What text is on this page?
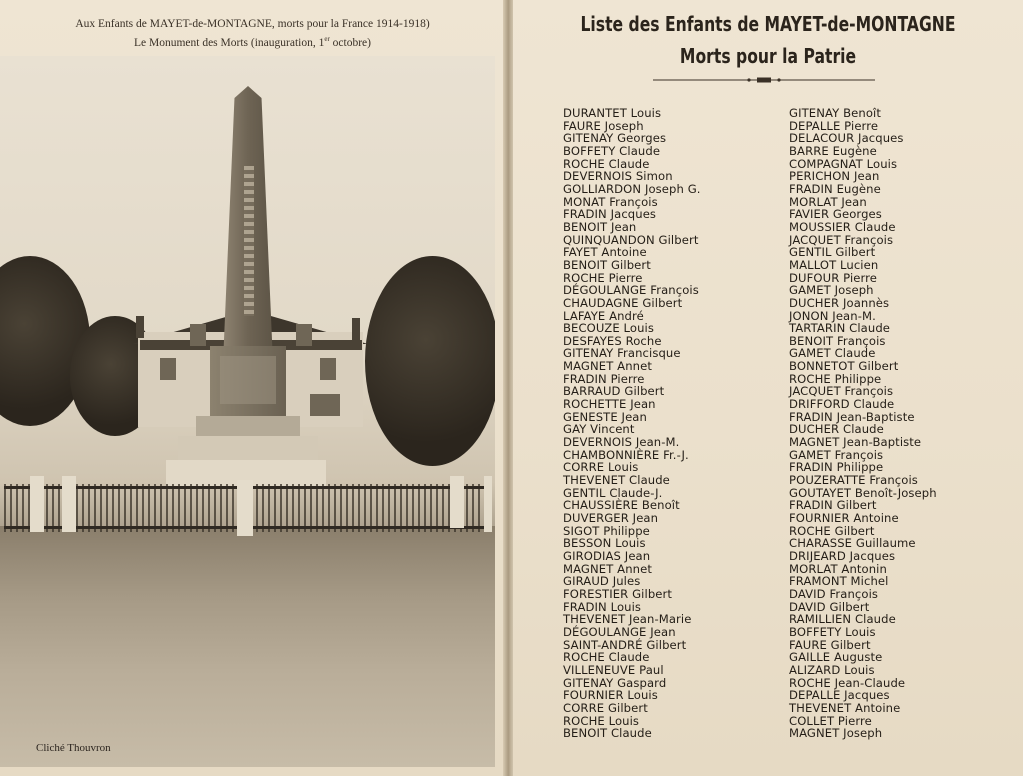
Aux Enfants de MAYET-de-MONTAGNE, morts pour la France 1914-1918)
Le Monument des Morts (inauguration, 1er octobre)
Cliché Thouvron
Liste des Enfants de MAYET-de-MONTAGNE
Morts pour la Patrie
DURANTET Louis
FAURE Joseph
GITENAY Georges
BOFFETY Claude
ROCHE Claude
DEVERNOIS Simon
GOLLIARDON Joseph G.
MONAT François
FRADIN Jacques
BENOIT Jean
QUINQUANDON Gilbert
FAYET Antoine
BENOIT Gilbert
ROCHE Pierre
DÉGOULANGE François
CHAUDAGNE Gilbert
LAFAYE André
BECOUZE Louis
DESFAYES Roche
GITENAY Francisque
MAGNET Annet
FRADIN Pierre
BARRAUD Gilbert
ROCHETTE Jean
GENESTE Jean
GAY Vincent
DEVERNOIS Jean-M.
CHAMBONNIÈRE Fr.-J.
CORRE Louis
THEVENET Claude
GENTIL Claude-J.
CHAUSSIÈRE Benoît
DUVERGER Jean
SIGOT Philippe
BESSON Louis
GIRODIAS Jean
MAGNET Annet
GIRAUD Jules
FORESTIER Gilbert
FRADIN Louis
THEVENET Jean-Marie
DÉGOULANGE Jean
SAINT-ANDRÉ Gilbert
ROCHE Claude
VILLENEUVE Paul
GITENAY Gaspard
FOURNIER Louis
CORRE Gilbert
ROCHE Louis
BENOIT Claude
GITENAY Benoît
DEPALLE Pierre
DELACOUR Jacques
BARRE Eugène
COMPAGNAT Louis
PERICHON Jean
FRADIN Eugène
MORLAT Jean
FAVIER Georges
MOUSSIER Claude
JACQUET François
GENTIL Gilbert
MALLOT Lucien
DUFOUR Pierre
GAMET Joseph
DUCHER Joannès
JONON Jean-M.
TARTARIN Claude
BENOIT François
GAMET Claude
BONNETOT Gilbert
ROCHE Philippe
JACQUET François
DRIFFORD Claude
FRADIN Jean-Baptiste
DUCHER Claude
MAGNET Jean-Baptiste
GAMET François
FRADIN Philippe
POUZERATTE François
GOUTAYET Benoît-Joseph
FRADIN Gilbert
FOURNIER Antoine
ROCHE Gilbert
CHARASSE Guillaume
DRIJEARD Jacques
MORLAT Antonin
FRAMONT Michel
DAVID François
DAVID Gilbert
RAMILLIEN Claude
BOFFETY Louis
FAURE Gilbert
GAILLE Auguste
ALIZARD Louis
ROCHE Jean-Claude
DEPALLE Jacques
THEVENET Antoine
COLLET Pierre
MAGNET Joseph
